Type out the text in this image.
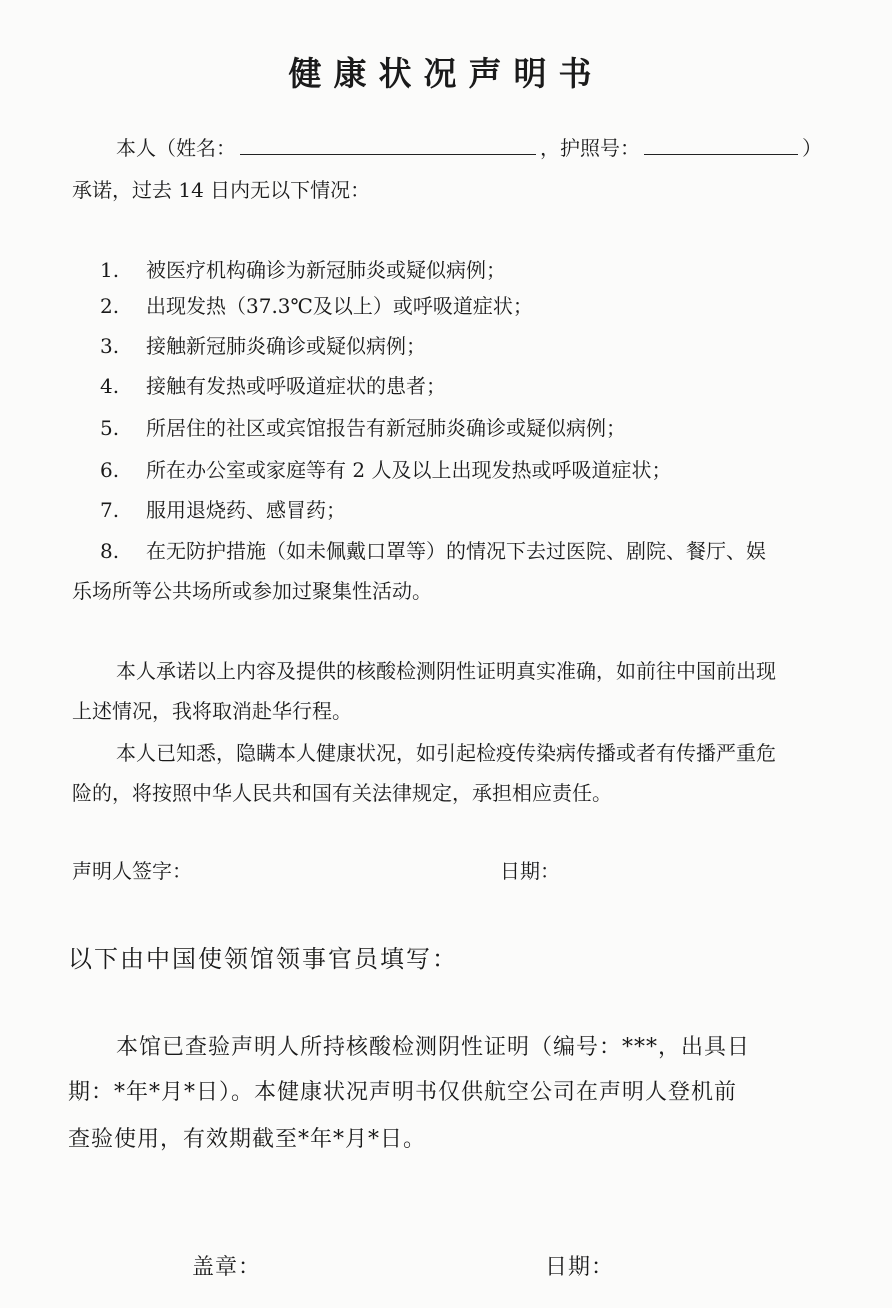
健康状况声明书
本人（姓名：	，护照号：	）
承诺，过去 14 日内无以下情况：
1. 被医疗机构确诊为新冠肺炎或疑似病例；
2. 出现发热（37.3℃及以上）或呼吸道症状；
3. 接触新冠肺炎确诊或疑似病例；
4. 接触有发热或呼吸道症状的患者；
5. 所居住的社区或宾馆报告有新冠肺炎确诊或疑似病例；
6. 所在办公室或家庭等有 2 人及以上出现发热或呼吸道症状；
7. 服用退烧药、感冒药；
8. 在无防护措施（如未佩戴口罩等）的情况下去过医院、剧院、餐厅、娱
乐场所等公共场所或参加过聚集性活动。
本人承诺以上内容及提供的核酸检测阴性证明真实准确，如前往中国前出现
上述情况，我将取消赴华行程。
本人已知悉，隐瞒本人健康状况，如引起检疫传染病传播或者有传播严重危
险的，将按照中华人民共和国有关法律规定，承担相应责任。
声明人签字：	日期：
以下由中国使领馆领事官员填写：
本馆已查验声明人所持核酸检测阴性证明（编号：***，出具日
期：*年*月*日）。本健康状况声明书仅供航空公司在声明人登机前
查验使用，有效期截至*年*月*日。
盖章：	日期：
